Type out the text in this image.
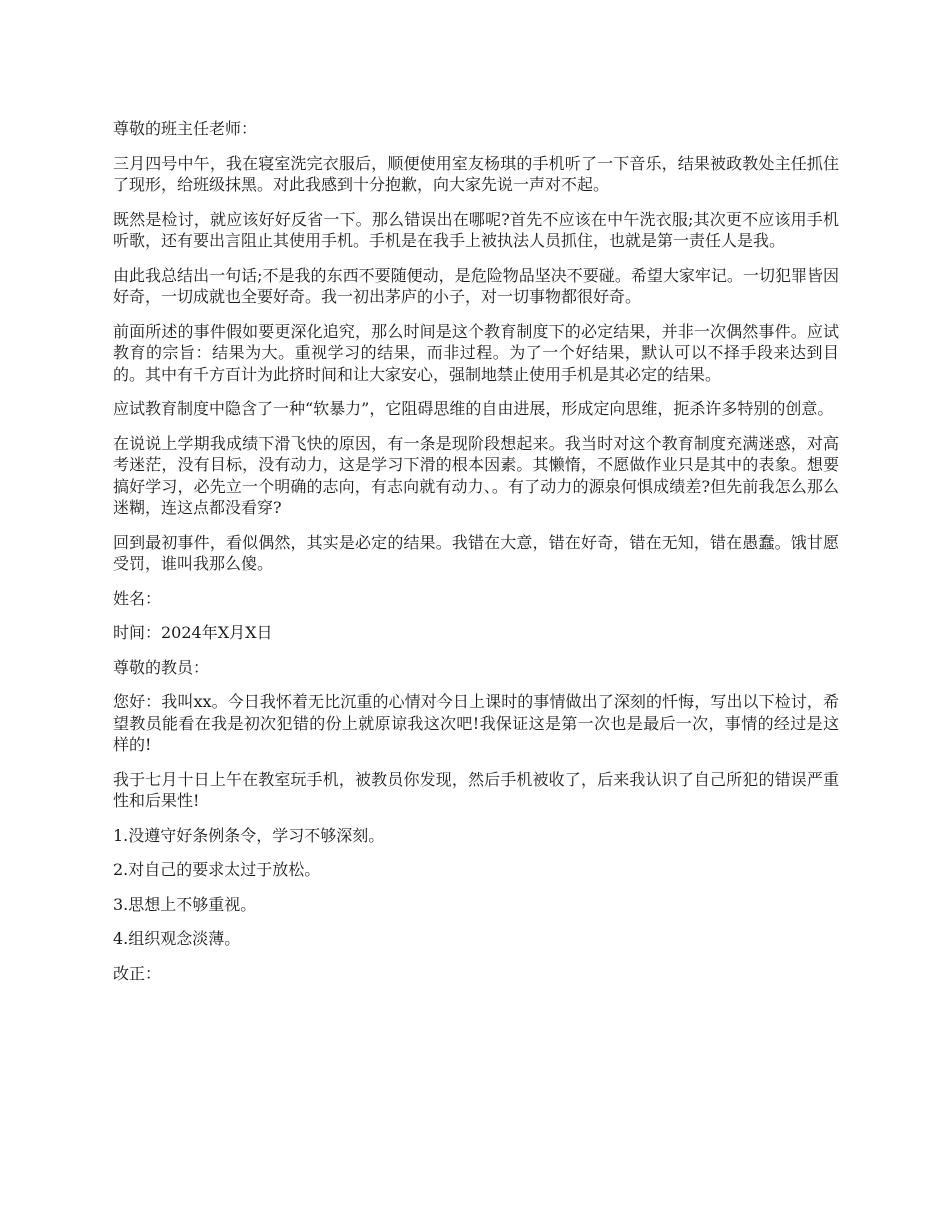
尊敬的班主任老师：

三月四号中午，我在寝室洗完衣服后，顺便使用室友杨琪的手机听了一下音乐，结果被政教处主任抓住了现形，给班级抹黑。对此我感到十分抱歉，向大家先说一声对不起。

既然是检讨，就应该好好反省一下。那么错误出在哪呢?首先不应该在中午洗衣服;其次更不应该用手机听歌，还有要出言阻止其使用手机。手机是在我手上被执法人员抓住，也就是第一责任人是我。

由此我总结出一句话;不是我的东西不要随便动，是危险物品坚决不要碰。希望大家牢记。一切犯罪皆因好奇，一切成就也全要好奇。我一初出茅庐的小子，对一切事物都很好奇。

前面所述的事件假如要更深化追究，那么时间是这个教育制度下的必定结果，并非一次偶然事件。应试教育的宗旨：结果为大。重视学习的结果，而非过程。为了一个好结果，默认可以不择手段来达到目的。其中有千方百计为此挤时间和让大家安心，强制地禁止使用手机是其必定的结果。

应试教育制度中隐含了一种“软暴力”，它阻碍思维的自由进展，形成定向思维，扼杀许多特别的创意。

在说说上学期我成绩下滑飞快的原因，有一条是现阶段想起来。我当时对这个教育制度充满迷惑，对高考迷茫，没有目标，没有动力，这是学习下滑的根本因素。其懒惰，不愿做作业只是其中的表象。想要搞好学习，必先立一个明确的志向，有志向就有动力、。有了动力的源泉何惧成绩差?但先前我怎么那么迷糊，连这点都没看穿?

回到最初事件，看似偶然，其实是必定的结果。我错在大意，错在好奇，错在无知，错在愚蠢。饿甘愿受罚，谁叫我那么傻。

姓名：

时间：2024年X月X日

尊敬的教员：

您好：我叫xx。今日我怀着无比沉重的心情对今日上课时的事情做出了深刻的忏悔，写出以下检讨，希望教员能看在我是初次犯错的份上就原谅我这次吧!我保证这是第一次也是最后一次，事情的经过是这样的!

我于七月十日上午在教室玩手机，被教员你发现，然后手机被收了，后来我认识了自己所犯的错误严重性和后果性!

1.没遵守好条例条令，学习不够深刻。

2.对自己的要求太过于放松。

3.思想上不够重视。

4.组织观念淡薄。

改正：
